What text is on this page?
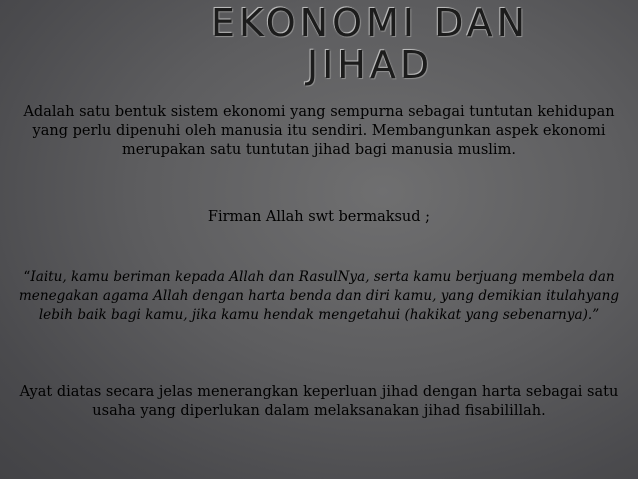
EKONOMI DAN
JIHAD
Adalah satu bentuk sistem ekonomi yang sempurna sebagai tuntutan kehidupan yang perlu dipenuhi oleh manusia itu sendiri. Membangunkan aspek ekonomi merupakan satu tuntutan jihad bagi manusia muslim.
Firman Allah swt bermaksud ;
“Iaitu, kamu beriman kepada Allah dan RasulNya, serta kamu berjuang membela dan menegakan agama Allah dengan harta benda dan diri kamu, yang demikian itulahyang lebih baik bagi kamu, jika kamu hendak mengetahui (hakikat yang sebenarnya).”
Ayat diatas secara jelas menerangkan keperluan jihad dengan harta sebagai satu usaha yang diperlukan dalam melaksanakan jihad fisabilillah.
